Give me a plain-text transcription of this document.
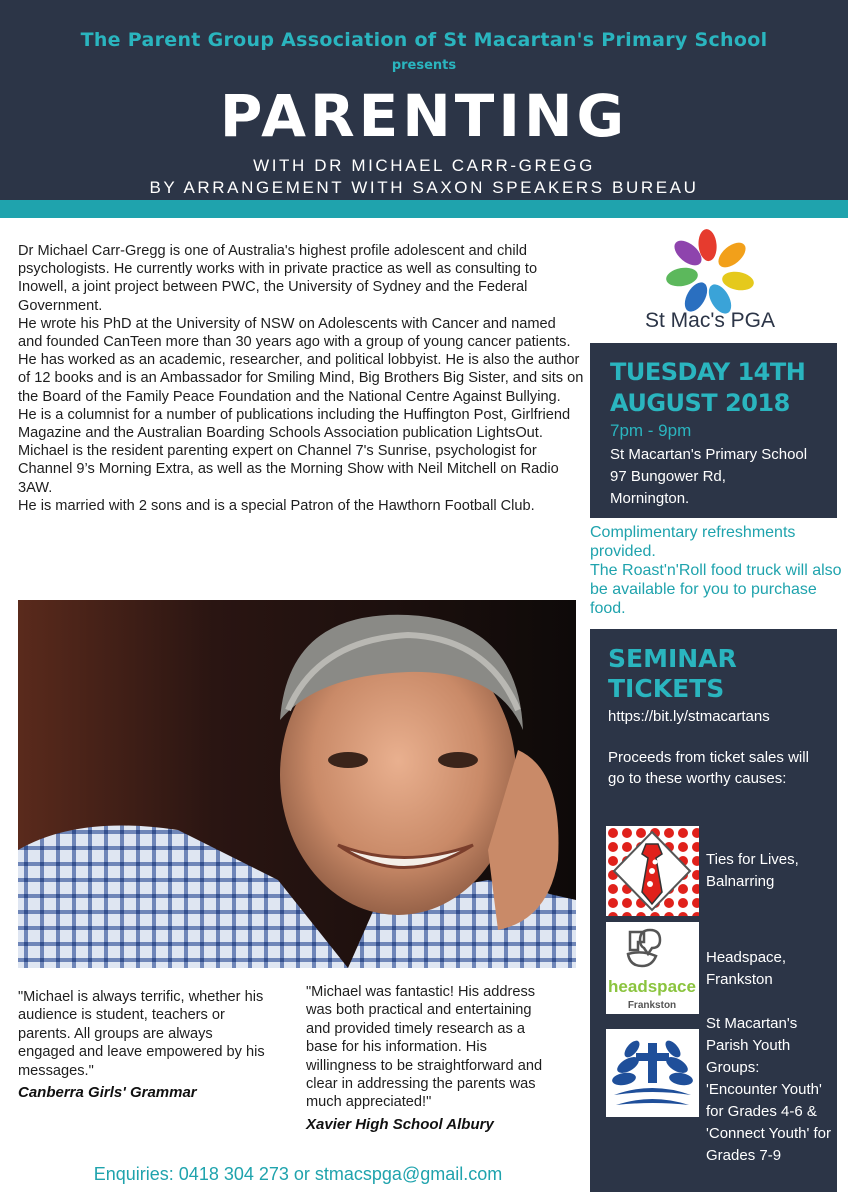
The Parent Group Association of St Macartan's Primary School
presents
PARENTING
WITH DR MICHAEL CARR-GREGG
BY ARRANGEMENT WITH SAXON SPEAKERS BUREAU

Dr Michael Carr-Gregg is one of Australia's highest profile adolescent and child psychologists. He currently works with in private practice as well as consulting to Inowell, a joint project between PWC, the University of Sydney and the Federal Government.

He wrote his PhD at the University of NSW on Adolescents with Cancer and named and founded CanTeen more than 30 years ago with a group of young cancer patients.

He has worked as an academic, researcher, and political lobbyist. He is also the author of 12 books and is an Ambassador for Smiling Mind, Big Brothers Big Sister, and sits on the Board of the Family Peace Foundation and the National Centre Against Bullying.

He is a columnist for a number of publications including the Huffington Post, Girlfriend Magazine and the Australian Boarding Schools Association publication LightsOut.

Michael is the resident parenting expert on Channel 7's Sunrise, psychologist for Channel 9’s Morning Extra, as well as the Morning Show with Neil Mitchell on Radio 3AW.

He is married with 2 sons and is a special Patron of the Hawthorn Football Club.

"Michael is always terrific, whether his audience is student, teachers or parents. All groups are always engaged and leave empowered by his messages."
Canberra Girls' Grammar
"Michael was fantastic! His address was both practical and entertaining and provided timely research as a base for his information. His willingness to be straightforward and clear in addressing the parents was much appreciated!"
Xavier High School Albury
Enquiries: 0418 304 273 or stmacspga@gmail.com
St Mac's PGA
TUESDAY 14TH
AUGUST 2018
7pm - 9pm
St Macartan's Primary School
97 Bungower Rd,
Mornington.
Complimentary refreshments provided.
The Roast'n'Roll food truck will also be available for you to purchase food.
SEMINAR
TICKETS
https://bit.ly/stmacartans
Proceeds from ticket sales will go to these worthy causes:
Ties for Lives, Balnarring
headspace
Frankston
Headspace, Frankston
St Macartan's Parish Youth Groups: 'Encounter Youth' for Grades 4-6 & 'Connect Youth' for Grades 7-9
